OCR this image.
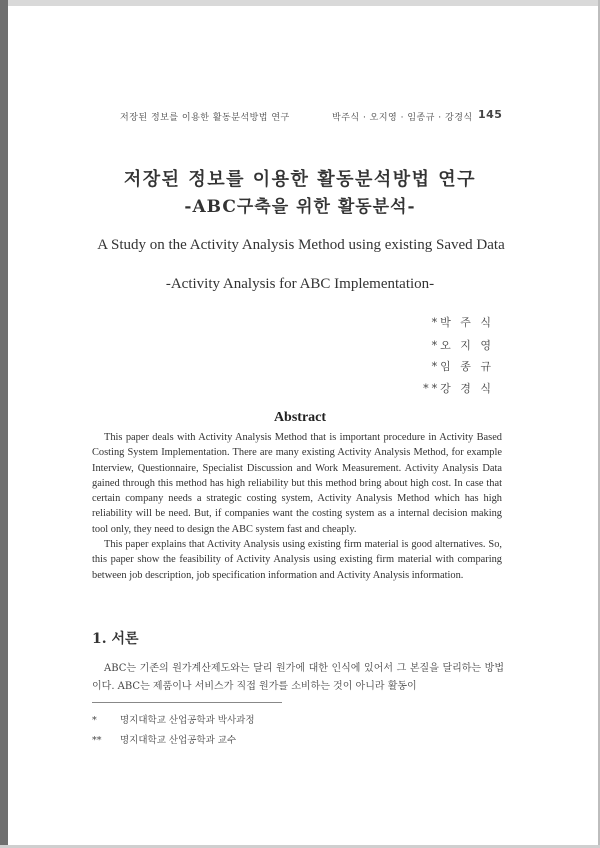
저장된 정보를 이용한 활동분석방법 연구	박주식 · 오지영 · 임종규 · 강경식 145
저장된 정보를 이용한 활동분석방법 연구
-ABC구축을 위한 활동분석-
A Study on the Activity Analysis Method using existing Saved Data
-Activity Analysis for ABC Implementation-
*박 주 식
*오 지 영
*임 종 규
**강 경 식
Abstract

This paper deals with Activity Analysis Method that is important procedure in Activity Based Costing System Implementation. There are many existing Activity Analysis Method, for example Interview, Questionnaire, Specialist Discussion and Work Measurement. Activity Analysis Data gained through this method has high reliability but this method bring about high cost. In case that certain company needs a strategic costing system, Activity Analysis Method which has high reliability will be need. But, if companies want the costing system as a internal decision making tool only, they need to design the ABC system fast and cheaply.

This paper explains that Activity Analysis using existing firm material is good alternatives. So, this paper show the feasibility of Activity Analysis using existing firm material with comparing between job description, job specification information and Activity Analysis information.

1. 서론

ABC는 기존의 원가계산제도와는 달리 원가에 대한 인식에 있어서 그 본질을 달리하는 방법이다. ABC는 제품이나 서비스가 직접 원가를 소비하는 것이 아니라 활동이

* 명지대학교 산업공학과 박사과정
** 명지대학교 산업공학과 교수
